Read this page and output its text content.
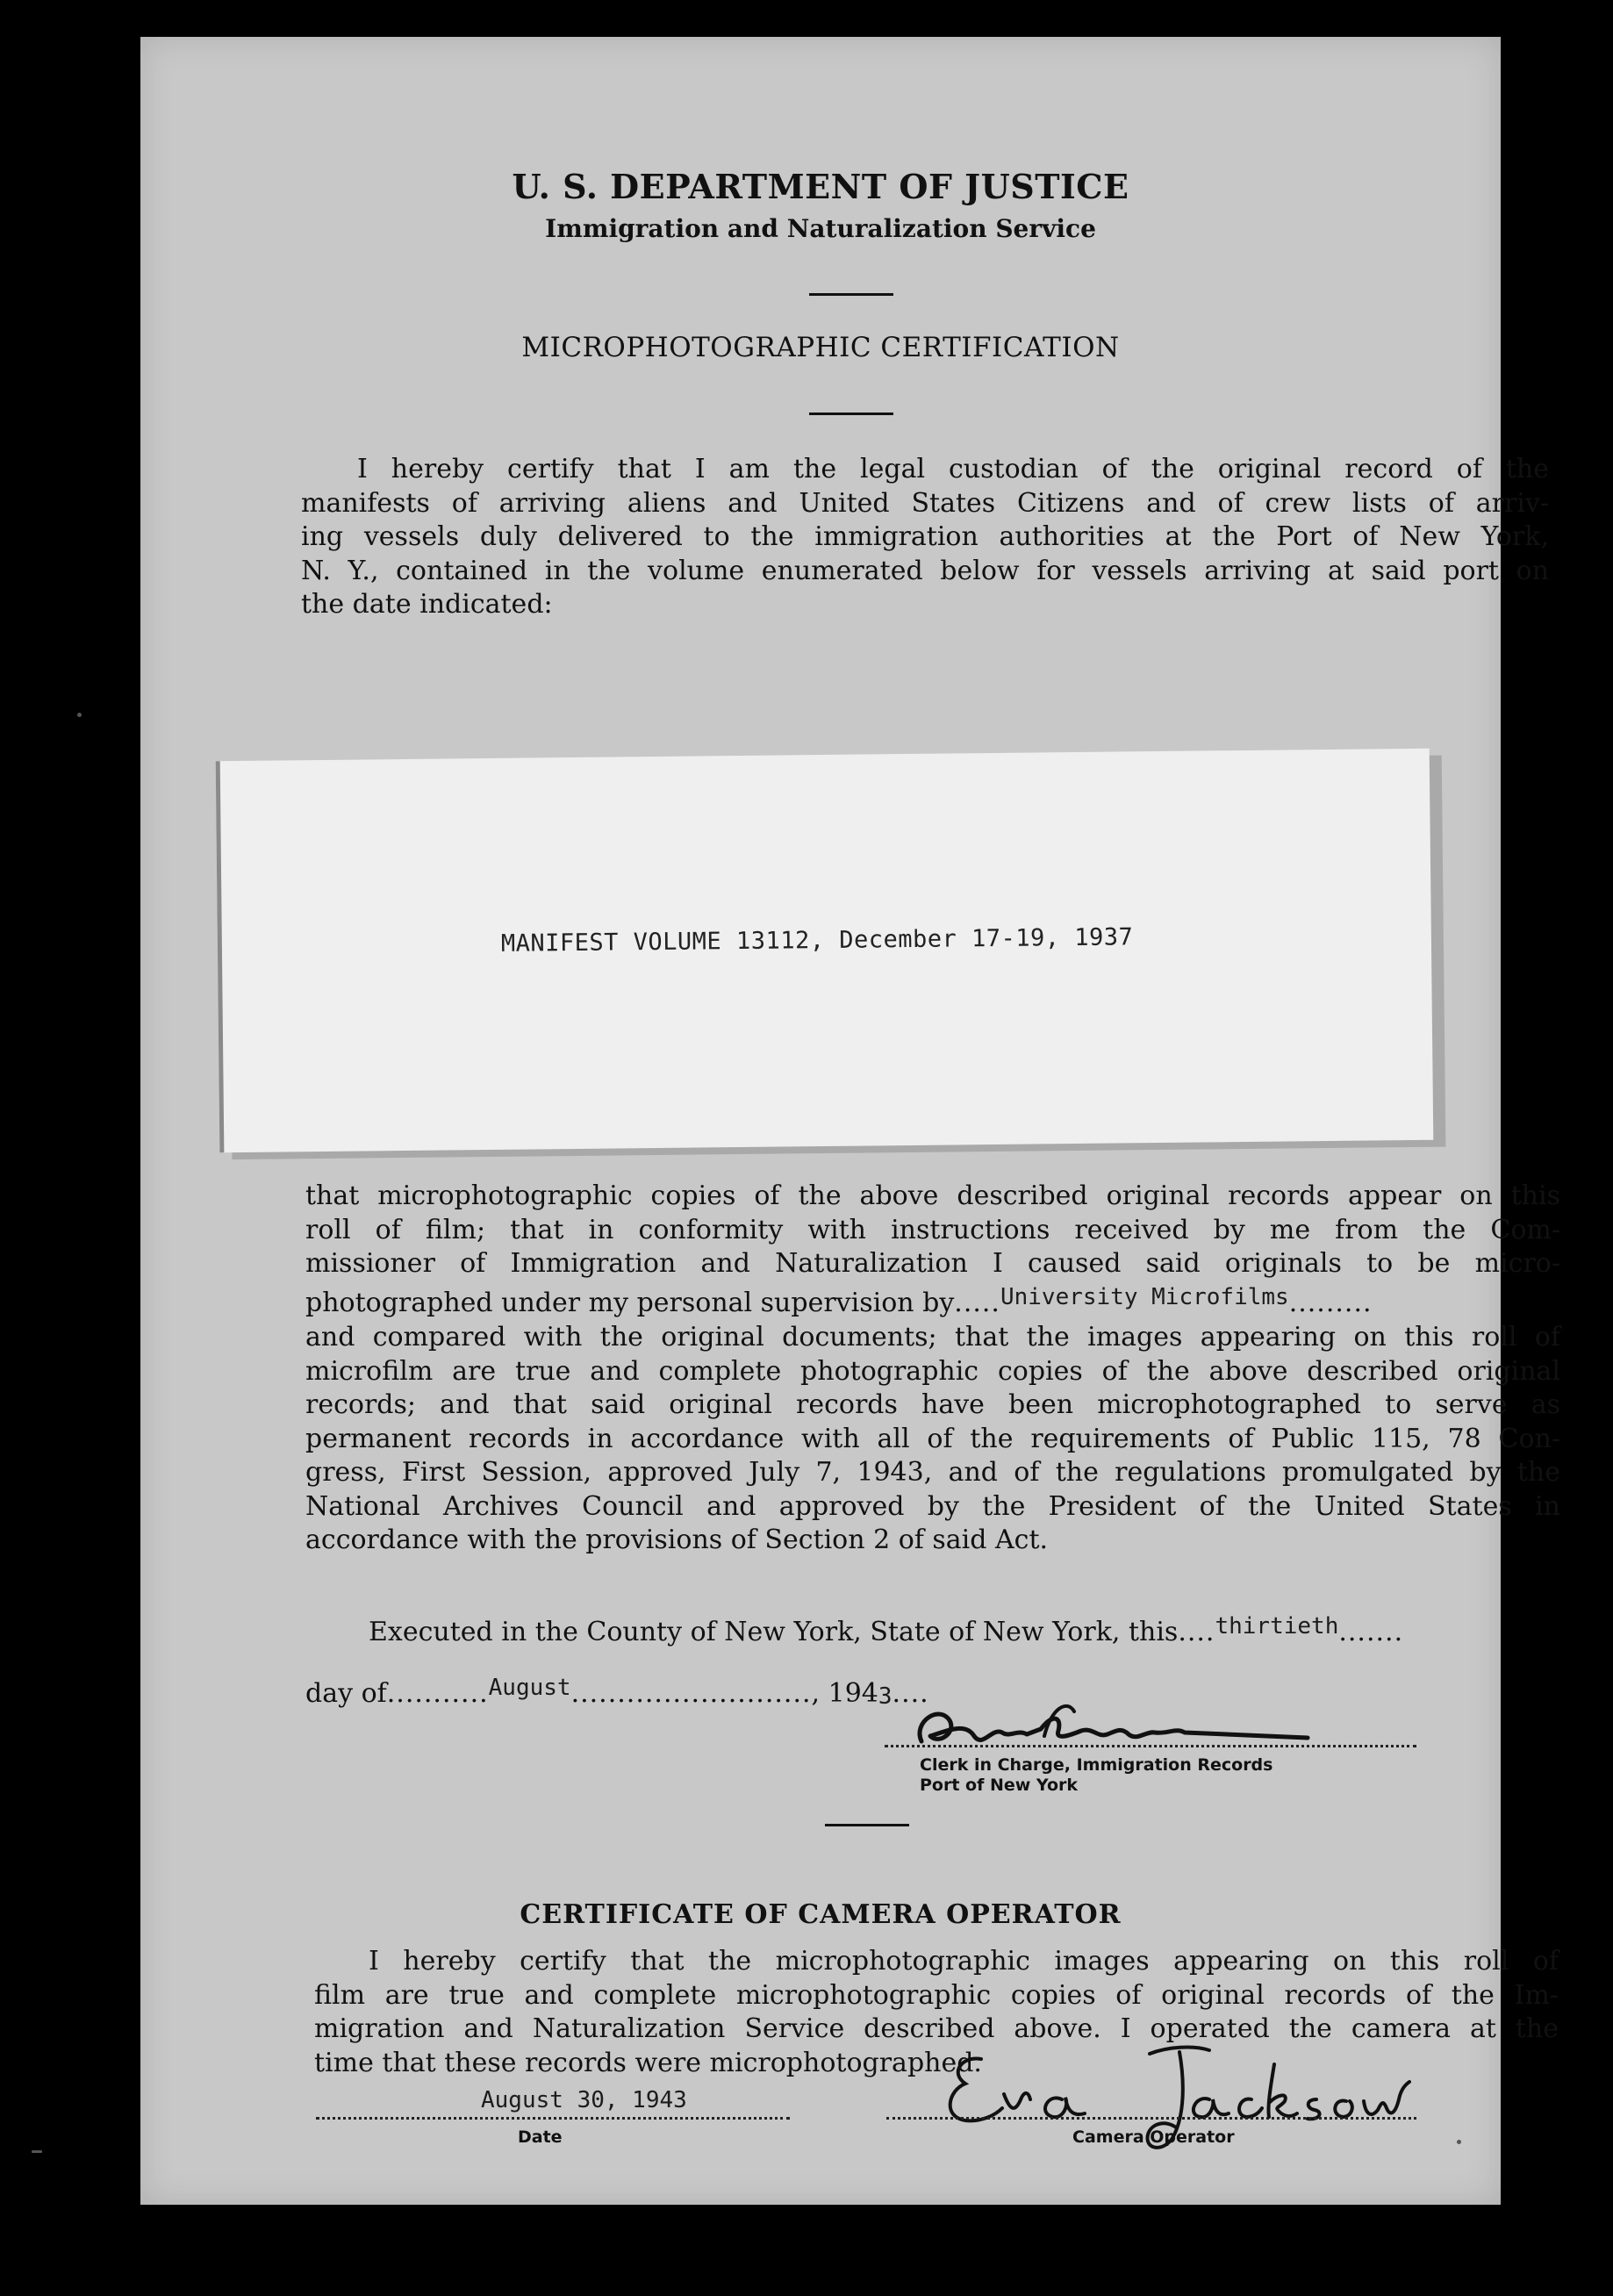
U. S. DEPARTMENT OF JUSTICE
Immigration and Naturalization Service
MICROPHOTOGRAPHIC CERTIFICATION
I hereby certify that I am the legal custodian of the original record of the
manifests of arriving aliens and United States Citizens and of crew lists of arriv-
ing vessels duly delivered to the immigration authorities at the Port of New York,
N. Y., contained in the volume enumerated below for vessels arriving at said port on
the date indicated:
MANIFEST VOLUME 13112, December 17-19, 1937
that microphotographic copies of the above described original records appear on this
roll of film; that in conformity with instructions received by me from the Com-
missioner of Immigration and Naturalization I caused said originals to be micro-
photographed under my personal supervision by.....University Microfilms.........
and compared with the original documents; that the images appearing on this roll of
microfilm are true and complete photographic copies of the above described original
records; and that said original records have been microphotographed to serve as
permanent records in accordance with all of the requirements of Public 115, 78 Con-
gress, First Session, approved July 7, 1943, and of the regulations promulgated by the
National Archives Council and approved by the President of the United States in
accordance with the provisions of Section 2 of said Act.
Executed in the County of New York, State of New York, this....thirtieth.......
day of...........August.........................., 1943....
Clerk in Charge, Immigration Records
Port of New York
CERTIFICATE OF CAMERA OPERATOR
I hereby certify that the microphotographic images appearing on this roll of
film are true and complete microphotographic copies of original records of the Im-
migration and Naturalization Service described above. I operated the camera at the
time that these records were microphotographed.
August 30, 1943
Date	Camera Operator
